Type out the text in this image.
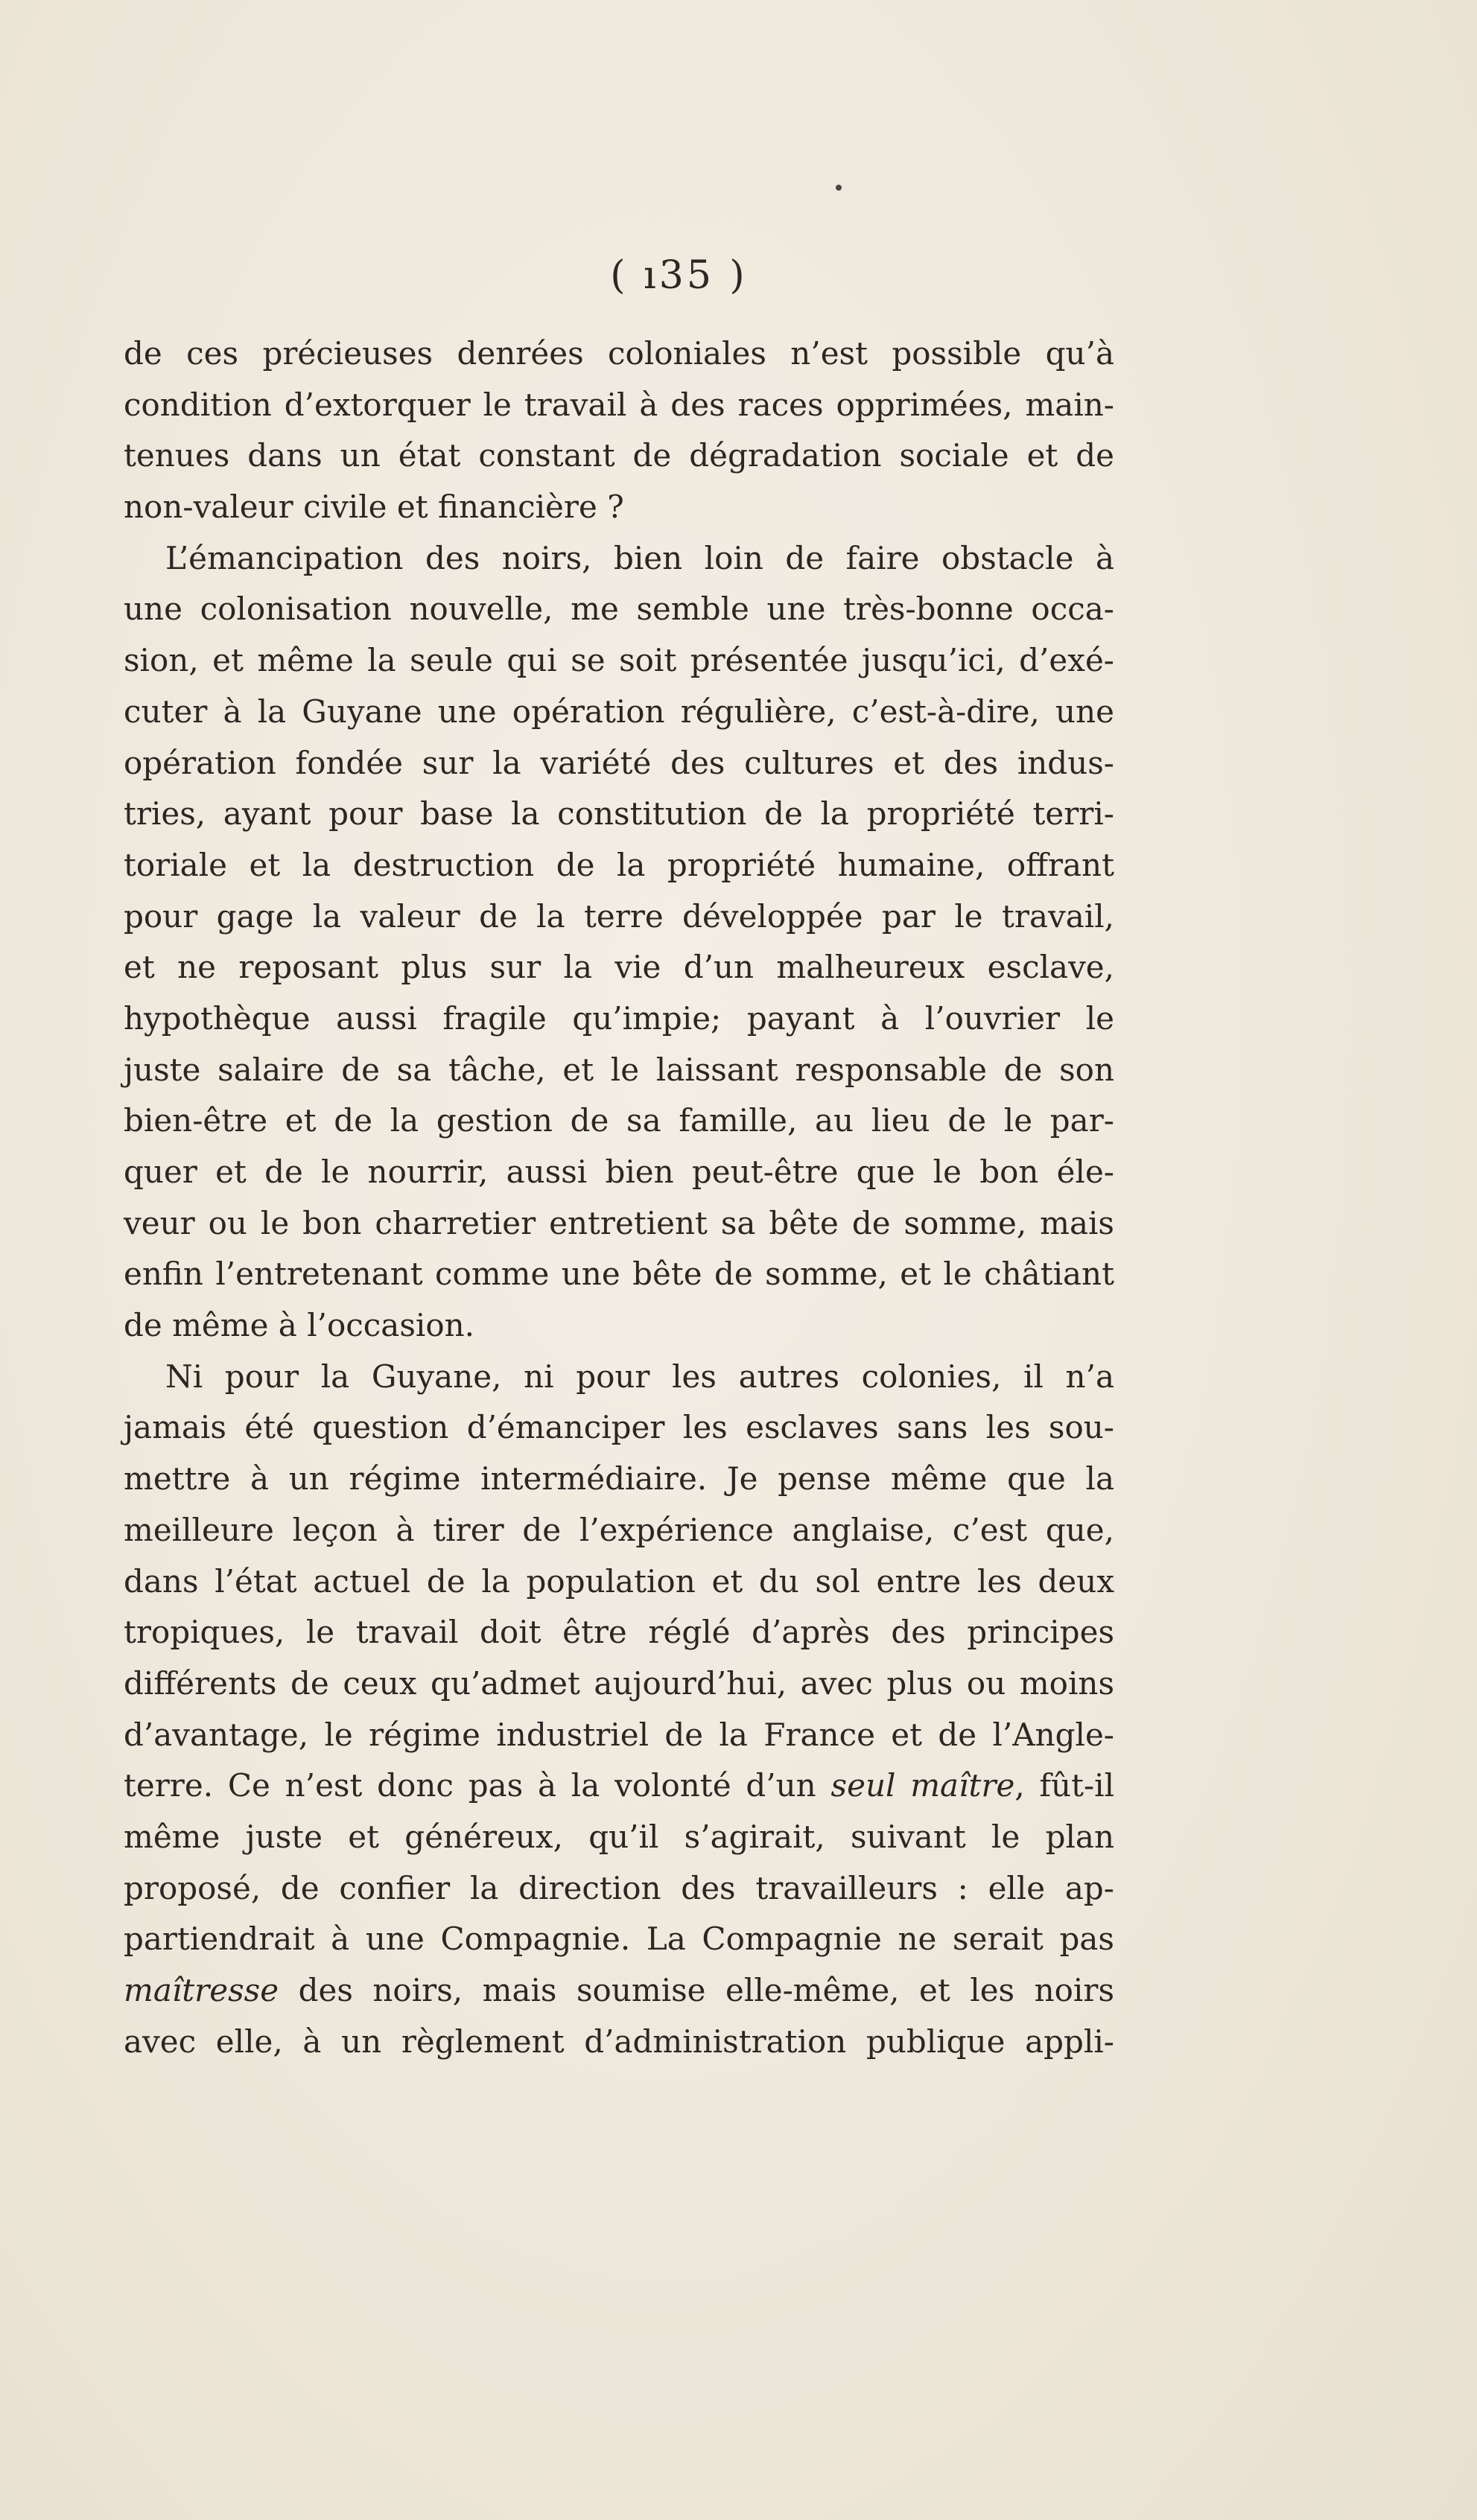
( ı35 )
de ces précieuses denrées coloniales n’est possible qu’à
condition d’extorquer le travail à des races opprimées, main-
tenues dans un état constant de dégradation sociale et de
non-valeur civile et financière ?
L’émancipation des noirs, bien loin de faire obstacle à
une colonisation nouvelle, me semble une très-bonne occa-
sion, et même la seule qui se soit présentée jusqu’ici, d’exé-
cuter à la Guyane une opération régulière, c’est-à-dire, une
opération fondée sur la variété des cultures et des indus-
tries, ayant pour base la constitution de la propriété terri-
toriale et la destruction de la propriété humaine, offrant
pour gage la valeur de la terre développée par le travail,
et ne reposant plus sur la vie d’un malheureux esclave,
hypothèque aussi fragile qu’impie; payant à l’ouvrier le
juste salaire de sa tâche, et le laissant responsable de son
bien-être et de la gestion de sa famille, au lieu de le par-
quer et de le nourrir, aussi bien peut-être que le bon éle-
veur ou le bon charretier entretient sa bête de somme, mais
enfin l’entretenant comme une bête de somme, et le châtiant
de même à l’occasion.
Ni pour la Guyane, ni pour les autres colonies, il n’a
jamais été question d’émanciper les esclaves sans les sou-
mettre à un régime intermédiaire. Je pense même que la
meilleure leçon à tirer de l’expérience anglaise, c’est que,
dans l’état actuel de la population et du sol entre les deux
tropiques, le travail doit être réglé d’après des principes
différents de ceux qu’admet aujourd’hui, avec plus ou moins
d’avantage, le régime industriel de la France et de l’Angle-
terre. Ce n’est donc pas à la volonté d’un seul maître, fût-il
même juste et généreux, qu’il s’agirait, suivant le plan
proposé, de confier la direction des travailleurs : elle ap-
partiendrait à une Compagnie. La Compagnie ne serait pas
maîtresse des noirs, mais soumise elle-même, et les noirs
avec elle, à un règlement d’administration publique appli-
